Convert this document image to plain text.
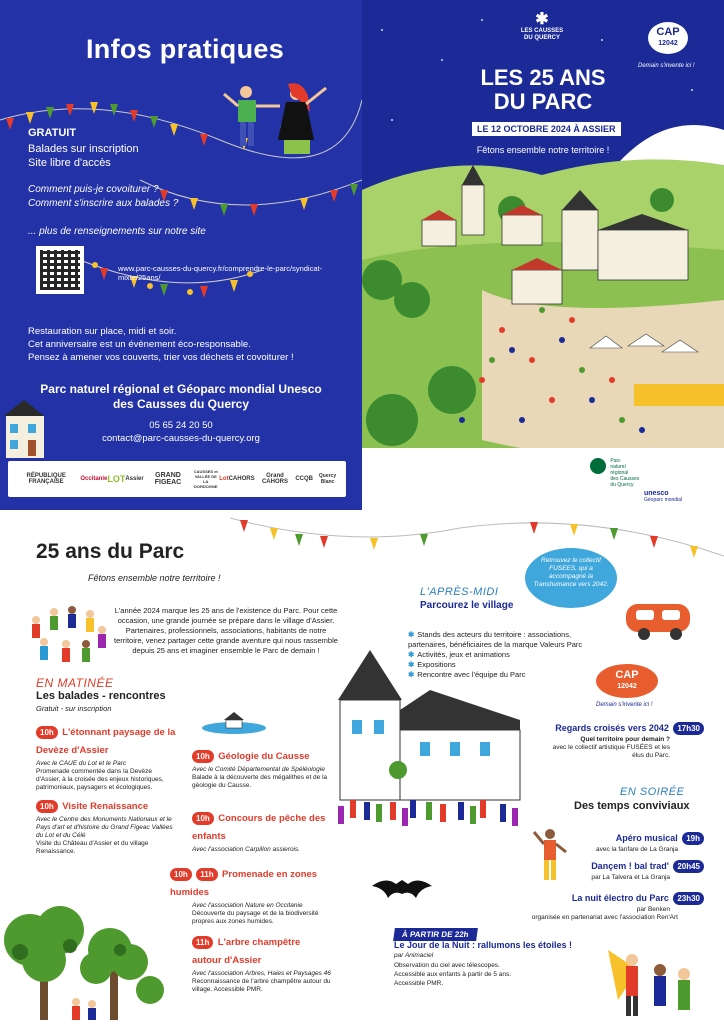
Infos pratiques
GRATUIT
Balades sur inscription
Site libre d'accès
Comment puis-je covoiturer ?
Comment s'inscrire aux balades ?
... plus de renseignements sur notre site
www.parc-causses-du-quercy.fr/comprendre-le-parc/syndicat-mixte/25ans/
Restauration sur place, midi et soir.
Cet anniversaire est un évènement éco-responsable.
Pensez à amener vos couverts, trier vos déchets et covoiturer !
Parc naturel régional et Géoparc mondial Unesco
des Causses du Quercy
05 65 24 20 50
contact@parc-causses-du-quercy.org
RÉPUBLIQUE FRANÇAISE	Occitanie LOT Assier	GRAND FIGEAC
CAUSSES et VALLÉE DE LA DORDOGNE
Lot CAHORS	Grand CAHORS	CCQB	Quercy Blanc
✱
LES CAUSSES
DU QUERCY
LES 25 ANS
DU PARC
LE 12 OCTOBRE 2024 À ASSIER
Fêtons ensemble notre territoire !
CAP
12042
Demain s'invente ici !
Parc
naturel
régional
des Causses
du Quercy
unesco
Géoparc mondial
25 ans du Parc
Fêtons ensemble notre territoire !
L'année 2024 marque les 25 ans de l'existence du Parc. Pour cette occasion, une grande journée se prépare dans le village d'Assier. Partenaires, professionnels, associations, habitants de notre territoire, venez partager cette grande aventure qui nous rassemble depuis 25 ans et imaginer ensemble le Parc de demain !
EN MATINÉE
Les balades - rencontres
Gratuit - sur inscription
10h L'étonnant paysage de la Devèze d'Assier
Avec le CAUE du Lot et le Parc
Promenade commentée dans la Devèze d'Assier, à la croisée des enjeux historiques, patrimoniaux, paysagers et écologiques.
10h Visite Renaissance
Avec le Centre des Monuments Nationaux et le Pays d'art et d'histoire du Grand Figeac Vallées du Lot et du Célé
Visite du Château d'Assier et du village Renaissance.
10h Géologie du Causse
Avec le Comité Départemental de Spéléologie
Balade à la découverte des mégalithes et de la géologie du Causse.
10h Concours de pêche des enfants
Avec l'association Carpillon assierois.
10h 11h Promenade en zones humides
Avec l'association Nature en Occitanie
Découverte du paysage et de la biodiversité propres aux zones humides.
11h L'arbre champêtre autour d'Assier
Avec l'association Arbres, Haies et Paysages 46
Reconnaissance de l'arbre champêtre autour du village. Accessible PMR.
Retrouvez le collectif FUSEES, qui a accompagné la Transhumance vers 2042.
L'APRÈS-MIDI
Parcourez le village
✱ Stands des acteurs du territoire : associations, partenaires, bénéficiaires de la marque Valeurs Parc
✱ Activités, jeux et animations
✱ Expositions
✱ Rencontre avec l'équipe du Parc	CAP
12042
Demain s'invente ici !
Regards croisés vers 2042 17h30
Quel territoire pour demain ?
avec le collectif artistique FUSÉES et les élus du Parc.
EN SOIRÉE
Des temps conviviaux
Apéro musical 19h
avec la fanfare de La Granja
Dançem ! bal trad' 20h45
par La Talvera et La Granja
La nuit électro du Parc 23h30
par Benken
organisée en partenariat avec l'association Ren'Art
À PARTIR DE 22h
Le Jour de la Nuit : rallumons les étoiles !
par Animaciel
Observation du ciel avec télescopes.
Accessible aux enfants à partir de 5 ans.
Accessible PMR.
